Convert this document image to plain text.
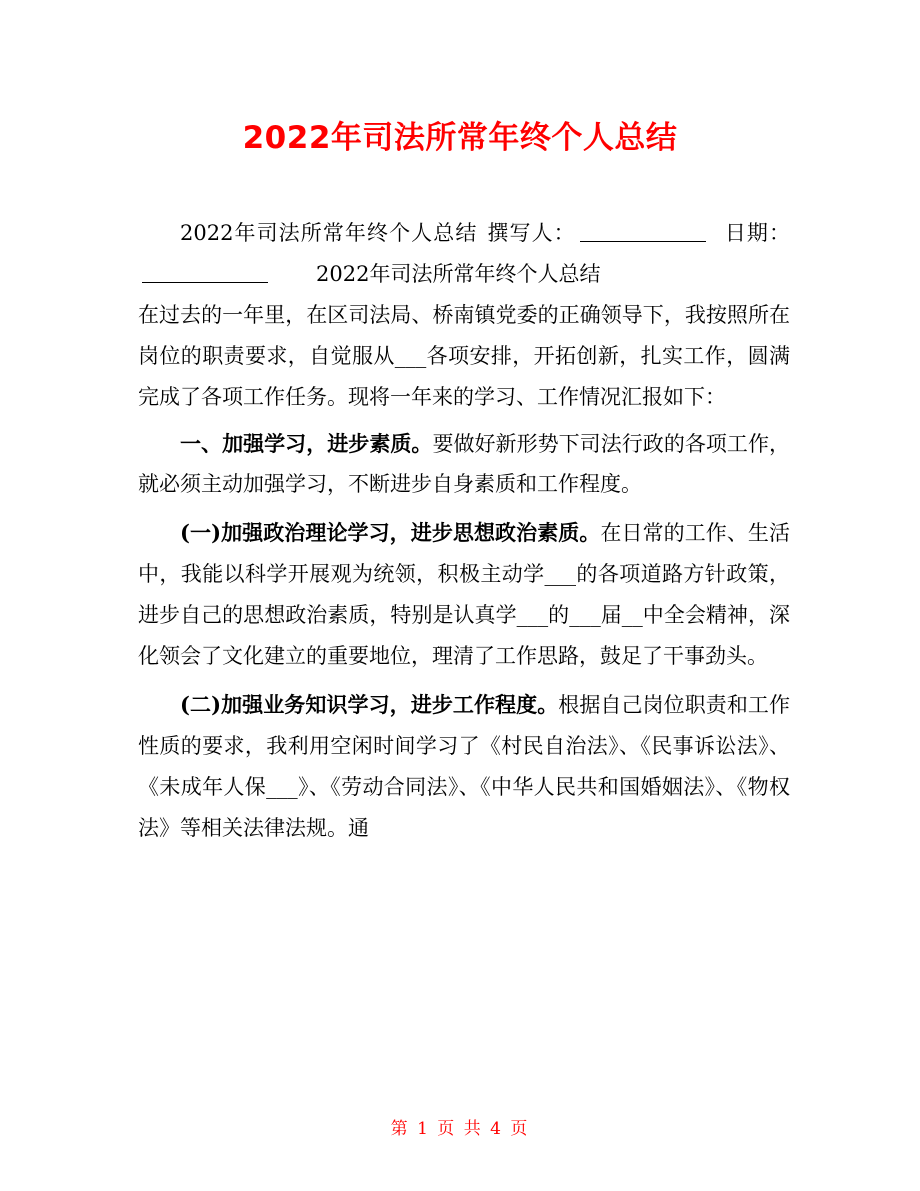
2022年司法所常年终个人总结

2022年司法所常年终个人总结 撰写人：	日期：2022年司法所常年终个人总结

在过去的一年里，在区司法局、桥南镇党委的正确领导下，我按照所在岗位的职责要求，自觉服从___各项安排，开拓创新，扎实工作，圆满完成了各项工作任务。现将一年来的学习、工作情况汇报如下：

一、加强学习，进步素质。要做好新形势下司法行政的各项工作，就必须主动加强学习，不断进步自身素质和工作程度。

(一)加强政治理论学习，进步思想政治素质。在日常的工作、生活中，我能以科学开展观为统领，积极主动学___的各项道路方针政策，进步自己的思想政治素质，特别是认真学___的___届__中全会精神，深化领会了文化建立的重要地位，理清了工作思路，鼓足了干事劲头。

(二)加强业务知识学习，进步工作程度。根据自己岗位职责和工作性质的要求，我利用空闲时间学习了《村民自治法》、《民事诉讼法》、《未成年人保___》、《劳动合同法》、《中华人民共和国婚姻法》、《物权法》等相关法律法规。通

第 1 页 共 4 页
